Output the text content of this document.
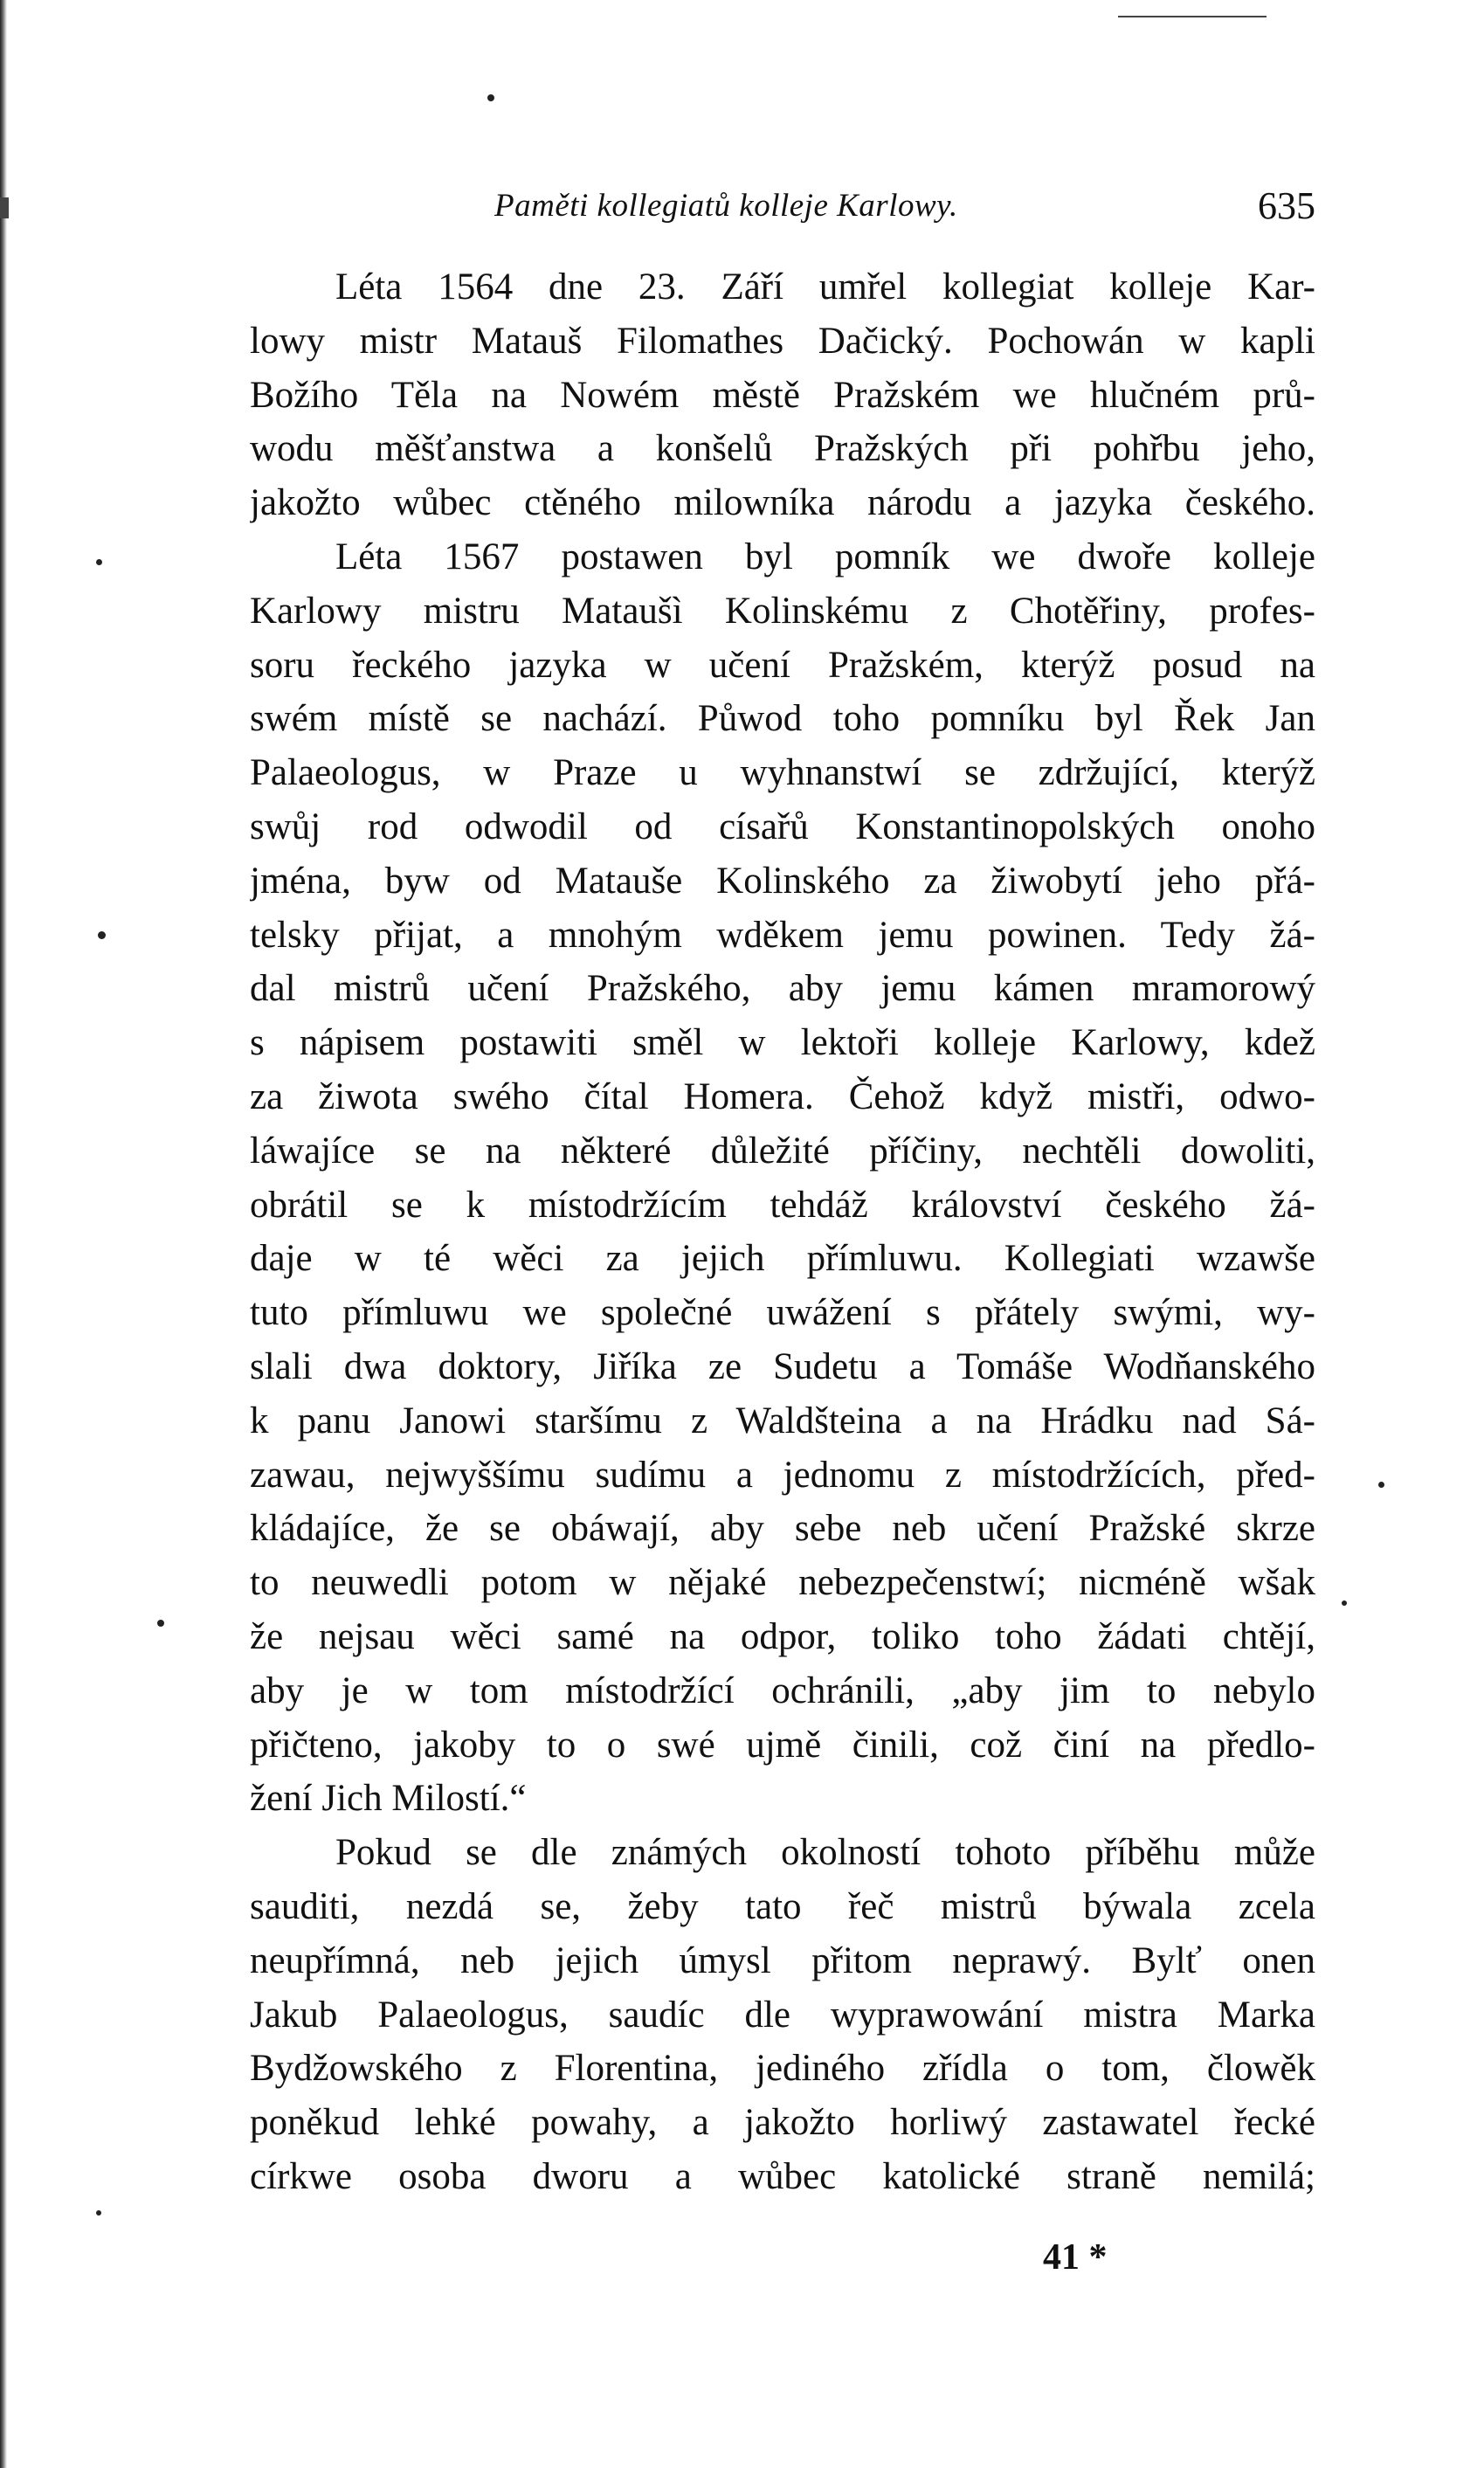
Paměti kollegiatů kolleje Karlowy.	635
Léta 1564 dne 23. Září umřel kollegiat kolleje Kar-
lowy mistr Matauš Filomathes Dačický. Pochowán w kapli
Božího Těla na Nowém městě Pražském we hlučném prů-
wodu měšťanstwa a konšelů Pražských při pohřbu jeho,
jakožto wůbec ctěného milowníka národu a jazyka českého.
Léta 1567 postawen byl pomník we dwoře kolleje
Karlowy mistru Mataušì Kolinskému z Chotěřiny, profes-
soru řeckého jazyka w učení Pražském, kterýž posud na
swém místě se nachází. Půwod toho pomníku byl Řek Jan
Palaeologus, w Praze u wyhnanstwí se zdržující, kterýž
swůj rod odwodil od císařů Konstantinopolských onoho
jména, byw od Matauše Kolinského za žiwobytí jeho přá-
telsky přijat, a mnohým wděkem jemu powinen. Tedy žá-
dal mistrů učení Pražského, aby jemu kámen mramorowý
s nápisem postawiti směl w lektoři kolleje Karlowy, kdež
za žiwota swého čítal Homera. Čehož když mistři, odwo-
láwajíce se na některé důležité příčiny, nechtěli dowoliti,
obrátil se k místodržícím tehdáž království českého žá-
daje w té wěci za jejich přímluwu. Kollegiati wzawše
tuto přímluwu we společné uwážení s přátely swými, wy-
slali dwa doktory, Jiříka ze Sudetu a Tomáše Wodňanského
k panu Janowi staršímu z Waldšteina a na Hrádku nad Sá-
zawau, nejwyššímu sudímu a jednomu z místodržících, před-
kládajíce, že se obáwají, aby sebe neb učení Pražské skrze
to neuwedli potom w nějaké nebezpečenstwí; nicméně wšak
že nejsau wěci samé na odpor, toliko toho žádati chtějí,
aby je w tom místodržící ochránili, „aby jim to nebylo
přičteno, jakoby to o swé ujmě činili, což činí na předlo-
žení Jich Milostí.“
Pokud se dle známých okolností tohoto příběhu může
sauditi, nezdá se, žeby tato řeč mistrů býwala zcela
neupřímná, neb jejich úmysl přitom neprawý. Bylť onen
Jakub Palaeologus, saudíc dle wyprawowání mistra Marka
Bydžowského z Florentina, jediného zřídla o tom, člowěk
poněkud lehké powahy, a jakožto horliwý zastawatel řecké
církwe osoba dworu a wůbec katolické straně nemilá;
41 *
